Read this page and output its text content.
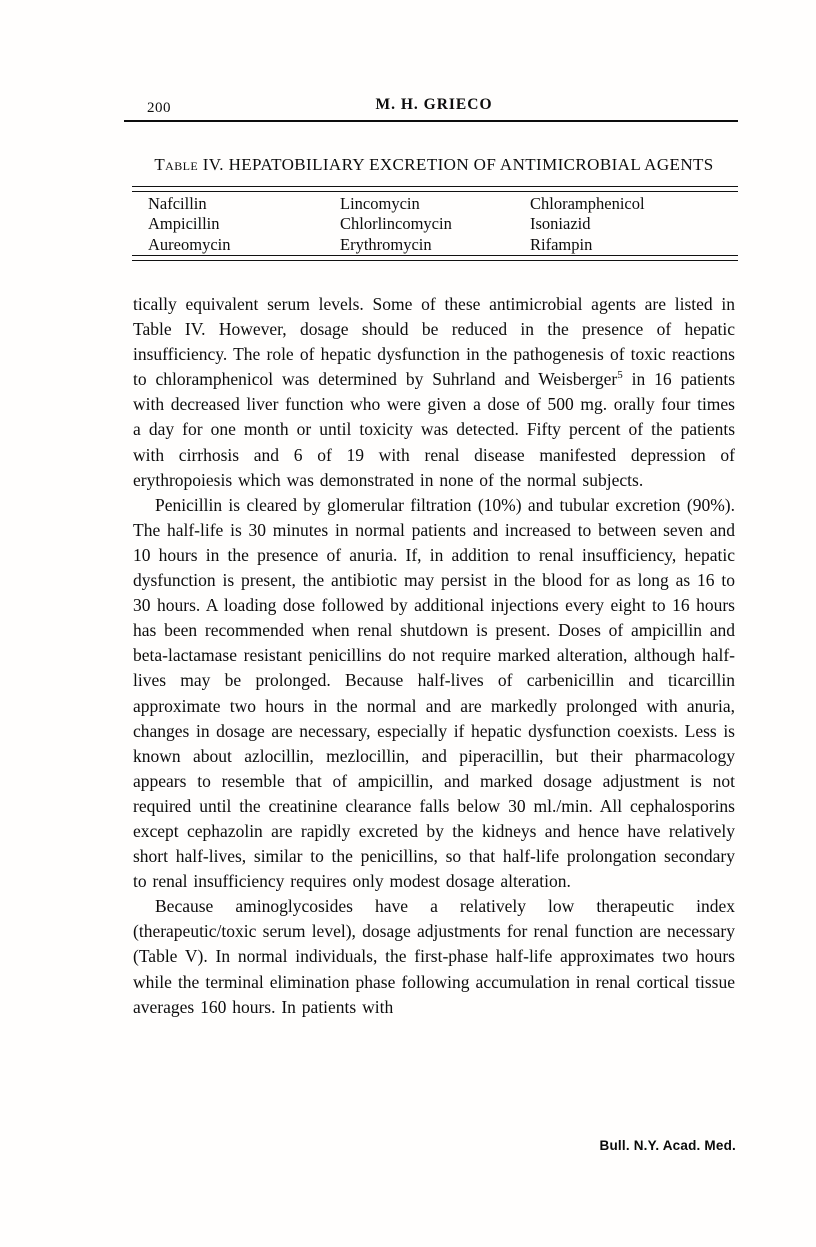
200	M. H. GRIECO
Table IV. HEPATOBILIARY EXCRETION OF ANTIMICROBIAL AGENTS
Nafcillin
Ampicillin
Aureomycin
Lincomycin
Chlorlincomycin
Erythromycin
Chloramphenicol
Isoniazid
Rifampin

tically equivalent serum levels. Some of these antimicrobial agents are listed in Table IV. However, dosage should be reduced in the presence of hepatic insufficiency. The role of hepatic dysfunction in the pathogenesis of toxic reactions to chloramphenicol was determined by Suhrland and Weisberger$^5$ in 16 patients with decreased liver function who were given a dose of 500 mg. orally four times a day for one month or until toxicity was detected. Fifty percent of the patients with cirrhosis and 6 of 19 with renal disease manifested depression of erythropoiesis which was demonstrated in none of the normal subjects.

Penicillin is cleared by glomerular filtration (10%) and tubular excretion (90%). The half-life is 30 minutes in normal patients and increased to between seven and 10 hours in the presence of anuria. If, in addition to renal insufficiency, hepatic dysfunction is present, the antibiotic may persist in the blood for as long as 16 to 30 hours. A loading dose followed by additional injections every eight to 16 hours has been recommended when renal shutdown is present. Doses of ampicillin and beta-lactamase resistant penicillins do not require marked alteration, although half-lives may be prolonged. Because half-lives of carbenicillin and ticarcillin approximate two hours in the normal and are markedly prolonged with anuria, changes in dosage are necessary, especially if hepatic dysfunction coexists. Less is known about azlocillin, mezlocillin, and piperacillin, but their pharmacology appears to resemble that of ampicillin, and marked dosage adjustment is not required until the creatinine clearance falls below 30 ml./min. All cephalosporins except cephazolin are rapidly excreted by the kidneys and hence have relatively short half-lives, similar to the penicillins, so that half-life prolongation secondary to renal insufficiency requires only modest dosage alteration.

Because aminoglycosides have a relatively low therapeutic index (therapeutic/toxic serum level), dosage adjustments for renal function are necessary (Table V). In normal individuals, the first-phase half-life approximates two hours while the terminal elimination phase following accumulation in renal cortical tissue averages 160 hours. In patients with

Bull. N.Y. Acad. Med.
